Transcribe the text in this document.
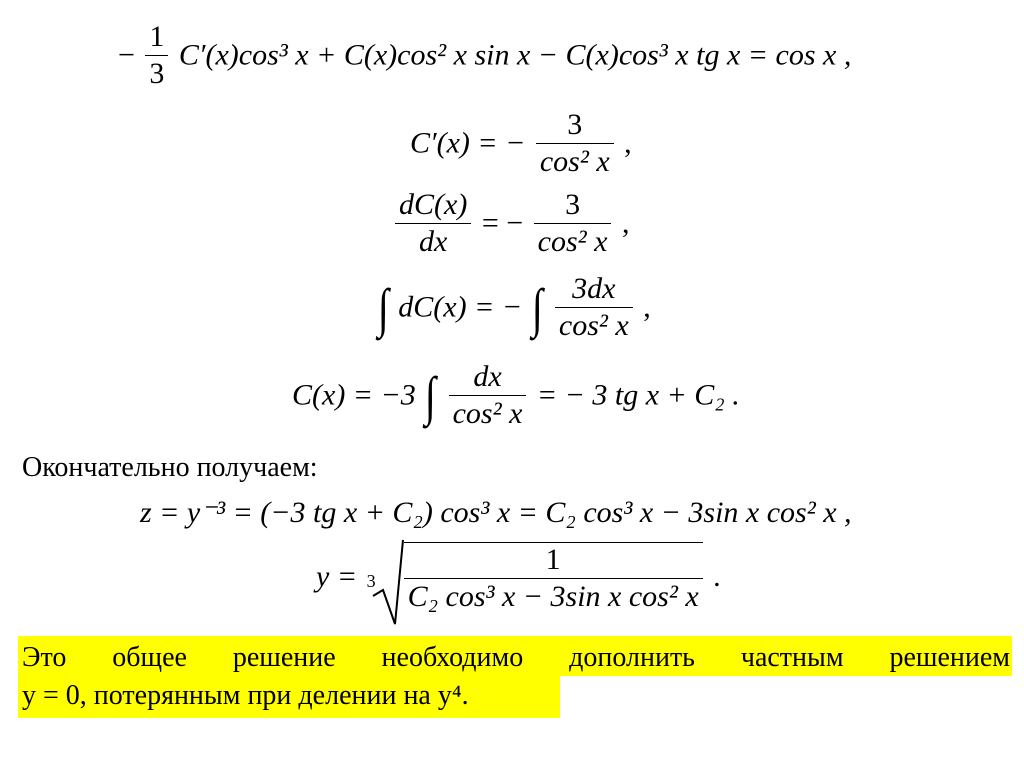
− $\frac{1}{3} C'(x)\cos^3$ x + C(x)cos² x sin x − C(x)cos³ x tg x = cos x ,
C′(x) = − $\frac{3}{\text{cos² x}}$ ,
$\frac{dC(x)}{dx}$ = − $\frac{3}{\text{cos² x}}$ ,
∫ dC(x) = − ∫ $\frac{3dx}{\text{cos² x}}$ ,
C(x) = −3 ∫ $\frac{dx}{\text{cos² x}}$ = − 3 tg x + C₂ .
Окончательно получаем:
z = y⁻³ = (−3 tg x + C₂) cos³ x = C₂ cos³ x − 3sin x cos² x ,
$y = 3 \frac{1}{\text{C₂ cos³ x − 3sin x cos² x}}$ .
Это общее решение необходимо дополнить частным решением
y = 0, потерянным при делении на y⁴.
